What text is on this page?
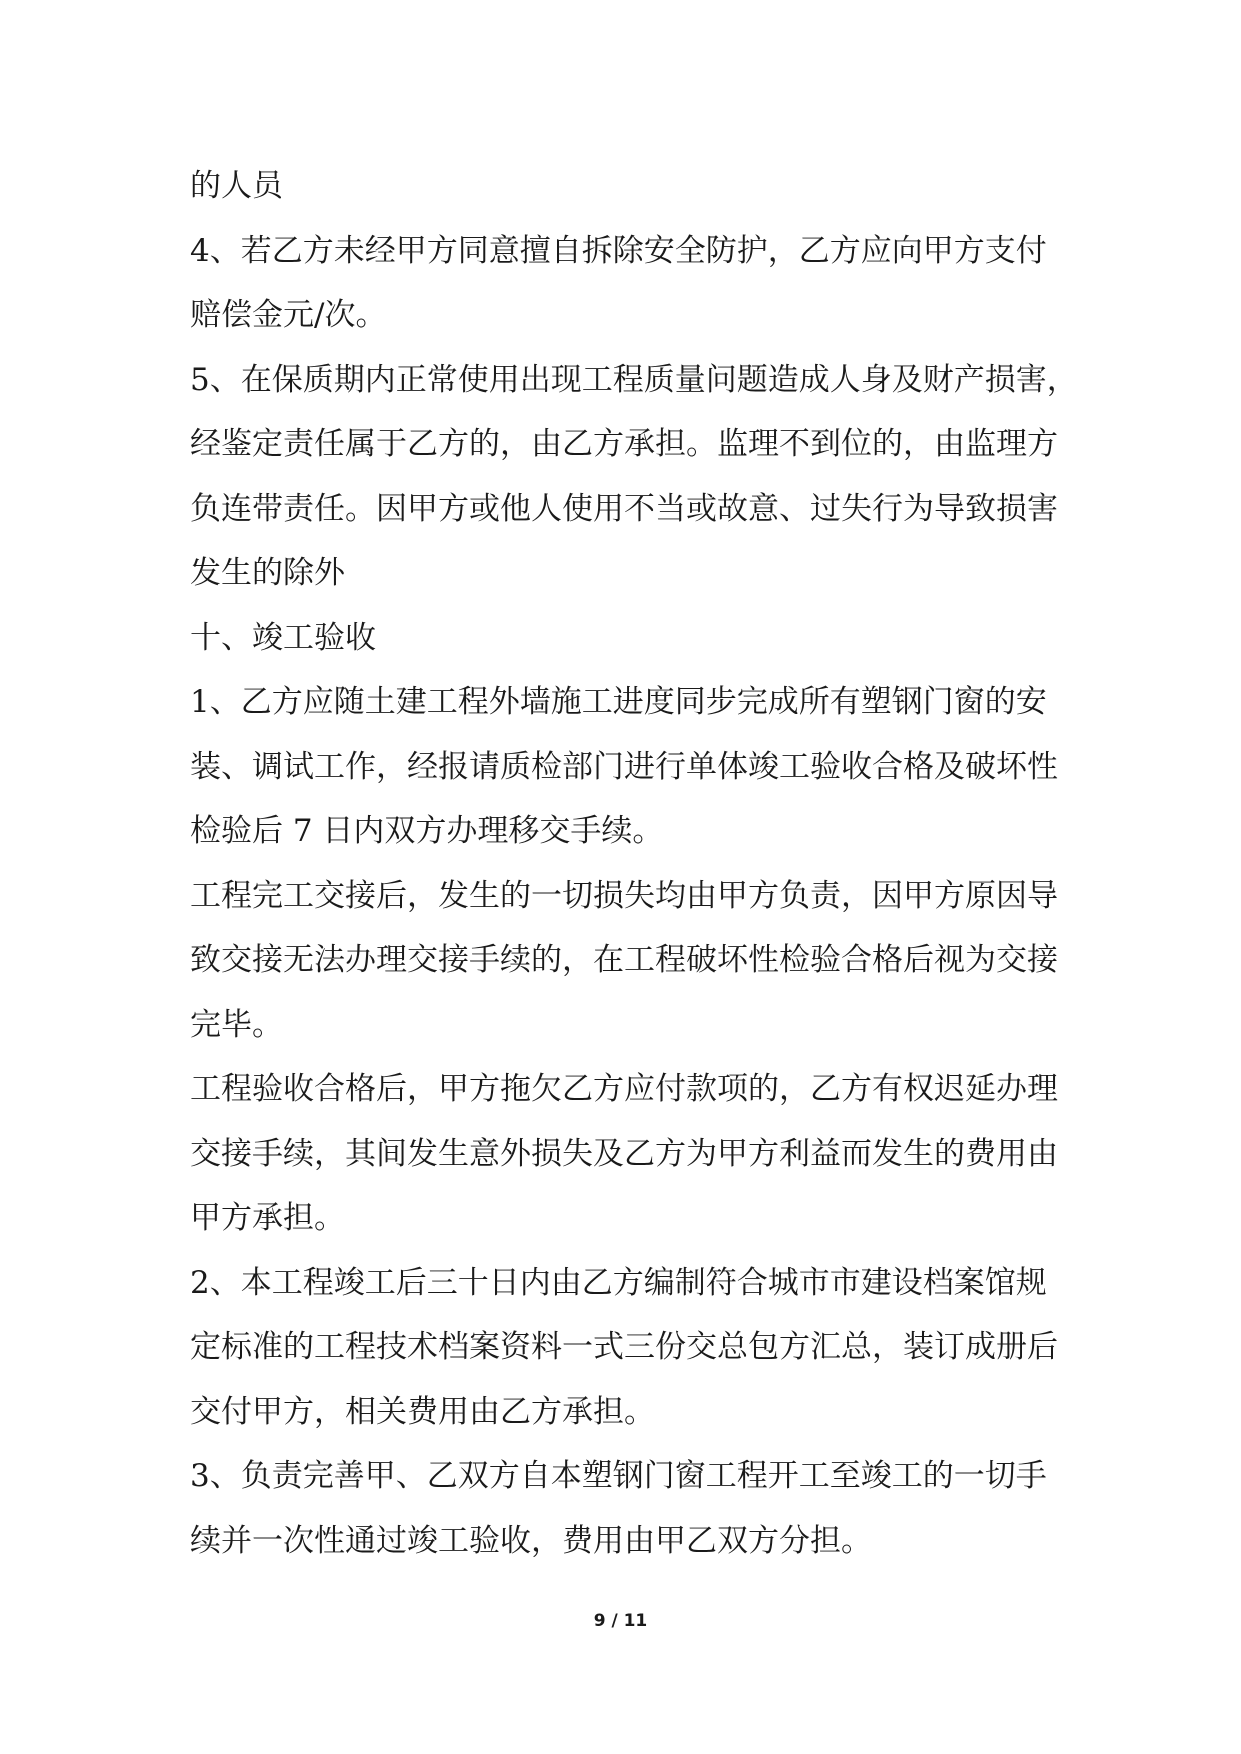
的人员
4、若乙方未经甲方同意擅自拆除安全防护，乙方应向甲方支付
赔偿金元/次。
5、在保质期内正常使用出现工程质量问题造成人身及财产损害，
经鉴定责任属于乙方的，由乙方承担。监理不到位的，由监理方
负连带责任。因甲方或他人使用不当或故意、过失行为导致损害
发生的除外
十、竣工验收
1、乙方应随土建工程外墙施工进度同步完成所有塑钢门窗的安
装、调试工作，经报请质检部门进行单体竣工验收合格及破坏性
检验后 7 日内双方办理移交手续。
工程完工交接后，发生的一切损失均由甲方负责，因甲方原因导
致交接无法办理交接手续的，在工程破坏性检验合格后视为交接
完毕。
工程验收合格后，甲方拖欠乙方应付款项的，乙方有权迟延办理
交接手续，其间发生意外损失及乙方为甲方利益而发生的费用由
甲方承担。
2、本工程竣工后三十日内由乙方编制符合城市市建设档案馆规
定标准的工程技术档案资料一式三份交总包方汇总，装订成册后
交付甲方，相关费用由乙方承担。
3、负责完善甲、乙双方自本塑钢门窗工程开工至竣工的一切手
续并一次性通过竣工验收，费用由甲乙双方分担。
9 / 11
